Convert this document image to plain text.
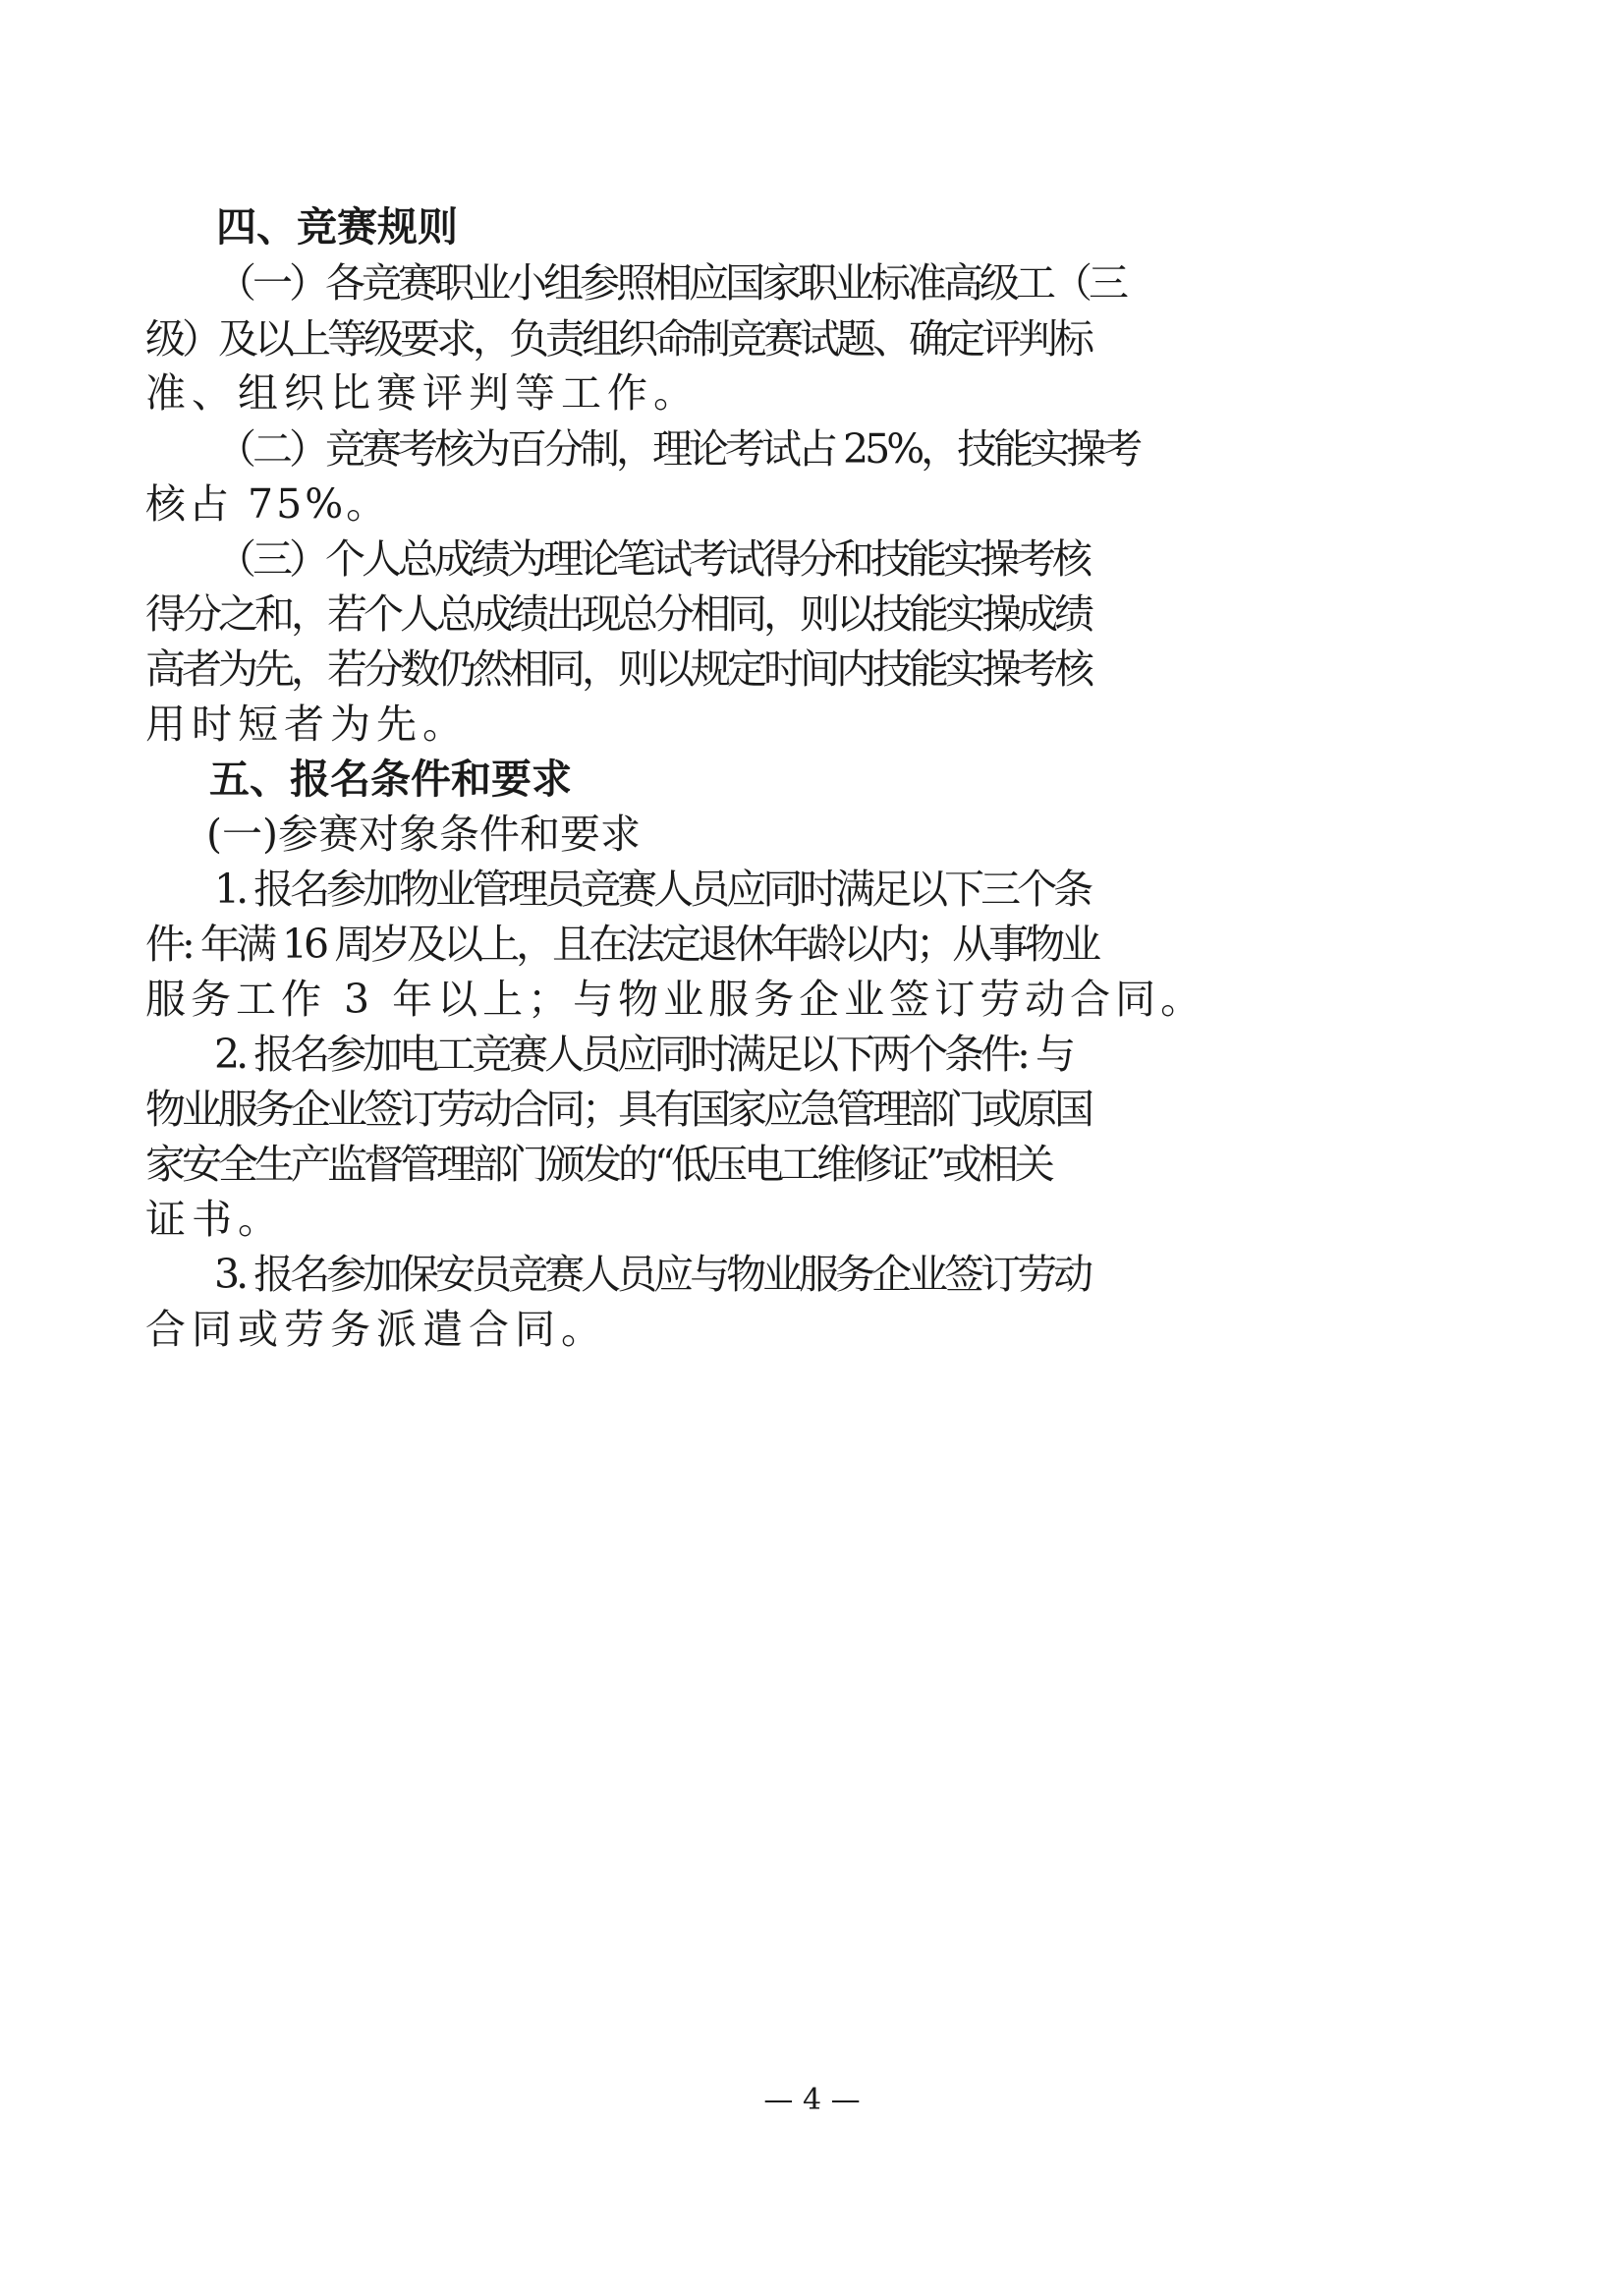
四、竞赛规则
（一）各竞赛职业小组参照相应国家职业标准高级工（三
级）及以上等级要求，负责组织命制竞赛试题、确定评判标
准、组织比赛评判等工作。
（二）竞赛考核为百分制，理论考试占 25%，技能实操考
核占 75%。
（三）个人总成绩为理论笔试考试得分和技能实操考核
得分之和，若个人总成绩出现总分相同，则以技能实操成绩
高者为先，若分数仍然相同，则以规定时间内技能实操考核
用时短者为先。
五、报名条件和要求
(一)参赛对象条件和要求
1. 报名参加物业管理员竞赛人员应同时满足以下三个条
件: 年满 16 周岁及以上，且在法定退休年龄以内；从事物业
服务工作 3 年以上；与物业服务企业签订劳动合同。
2. 报名参加电工竞赛人员应同时满足以下两个条件: 与
物业服务企业签订劳动合同；具有国家应急管理部门或原国
家安全生产监督管理部门颁发的“低压电工维修证”或相关
证书。
3. 报名参加保安员竞赛人员应与物业服务企业签订劳动
合同或劳务派遣合同。
— 4 —
